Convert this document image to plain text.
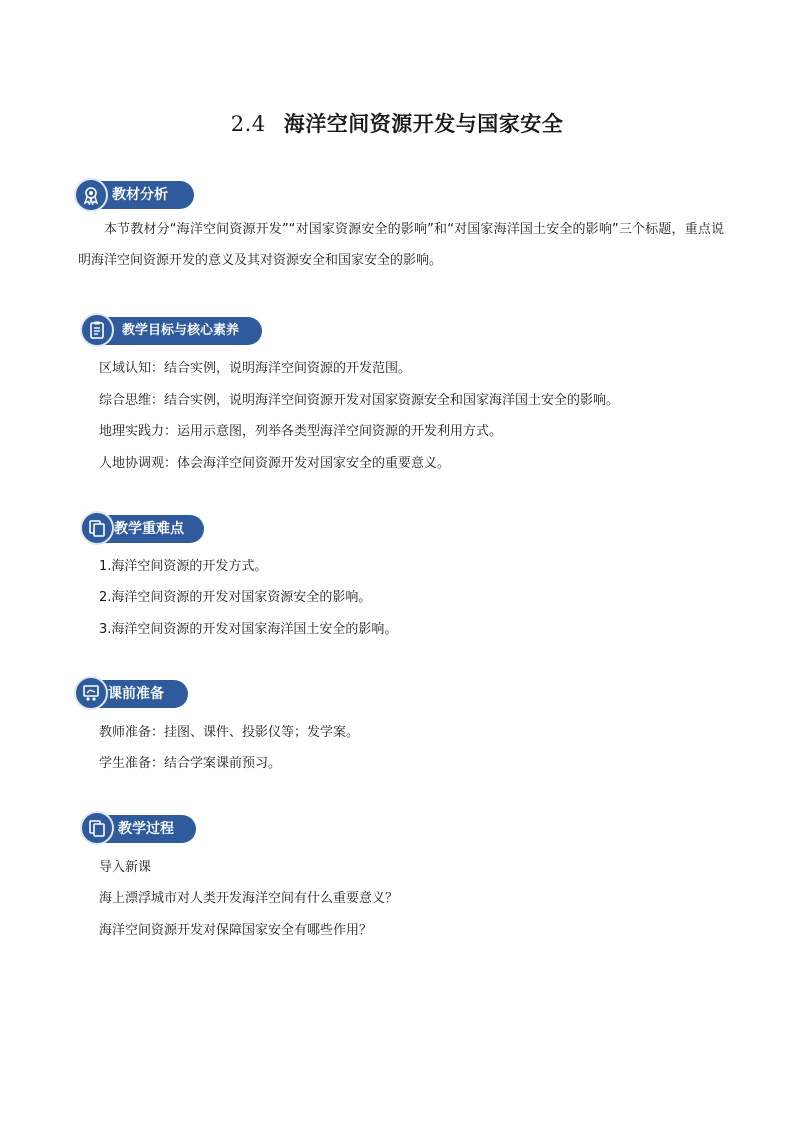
2.4 海洋空间资源开发与国家安全
教材分析
本节教材分“海洋空间资源开发”“对国家资源安全的影响”和“对国家海洋国土安全的影响”三个标题，重点说明海洋空间资源开发的意义及其对资源安全和国家安全的影响。
教学目标与核心素养
区域认知：结合实例，说明海洋空间资源的开发范围。
综合思维：结合实例，说明海洋空间资源开发对国家资源安全和国家海洋国土安全的影响。
地理实践力：运用示意图，列举各类型海洋空间资源的开发利用方式。
人地协调观：体会海洋空间资源开发对国家安全的重要意义。
教学重难点
1.海洋空间资源的开发方式。
2.海洋空间资源的开发对国家资源安全的影响。
3.海洋空间资源的开发对国家海洋国土安全的影响。
课前准备
教师准备：挂图、课件、投影仪等；发学案。
学生准备：结合学案课前预习。
教学过程
导入新课
海上漂浮城市对人类开发海洋空间有什么重要意义？
海洋空间资源开发对保障国家安全有哪些作用？
